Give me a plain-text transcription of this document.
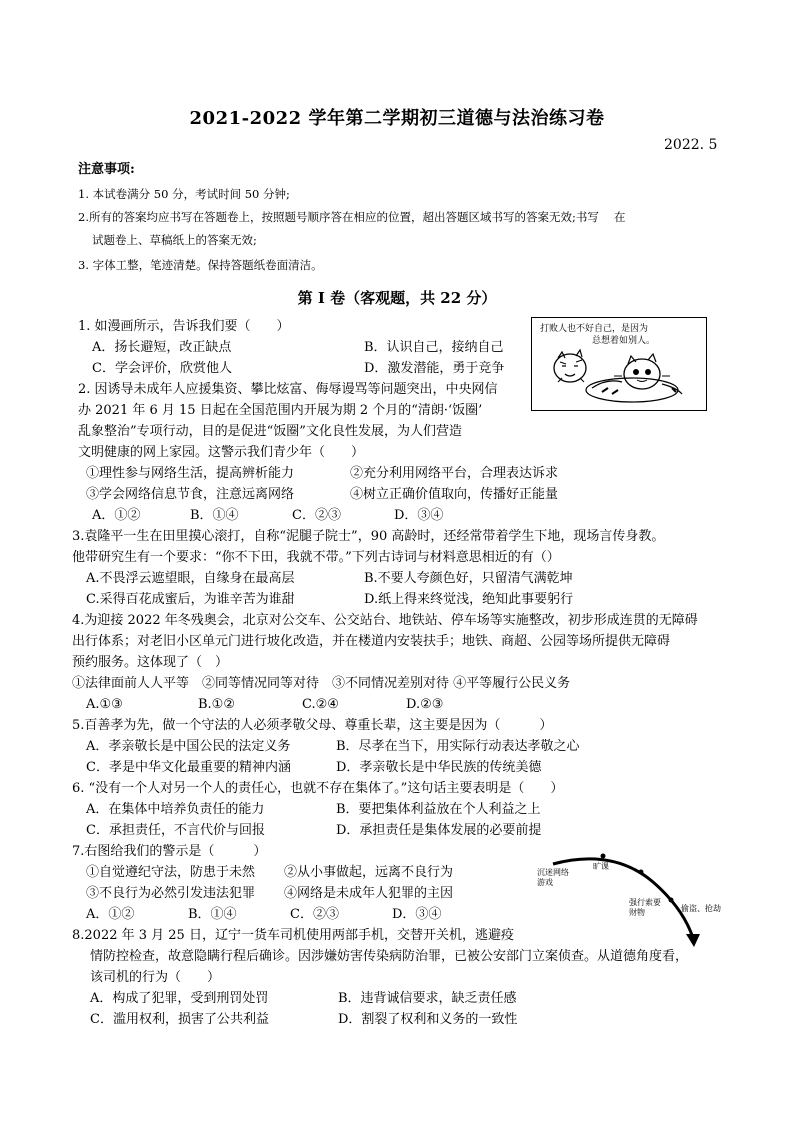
2021-2022 学年第二学期初三道德与法治练习卷
2022. 5
注意事项:
1. 本试卷满分 50 分，考试时间 50 分钟;
2.所有的答案均应书写在答题卷上，按照题号顺序答在相应的位置，超出答题区域书写的答案无效;书写　 在
试题卷上、草稿纸上的答案无效;
3. 字体工整，笔迹清楚。保持答题纸卷面清洁。
第 I 卷（客观题，共 22 分）
打败人也不好自己，是因为
总想着如别人。
1. 如漫画所示，告诉我们要（　　）
A．扬长避短，改正缺点	B．认识自己，接纳自己
C．学会评价，欣赏他人	D．激发潜能，勇于竞争
2. 因诱导未成年人应援集资、攀比炫富、侮辱谩骂等问题突出，中央网信
办 2021 年 6 月 15 日起在全国范围内开展为期 2 个月的“清朗·‘饭圈’
乱象整治”专项行动，目的是促进“饭圈”文化良性发展，为人们营造
文明健康的网上家园。这警示我们青少年（　　）
①理性参与网络生活，提高辨析能力	②充分利用网络平台，合理表达诉求
③学会网络信息节食，注意远离网络	④树立正确价值取向，传播好正能量
A．①②	B．①④	C．②③	D．③④
3.袁隆平一生在田里摸心滚打，自称“泥腿子院士”，90 高龄时，还经常带着学生下地，现场言传身教。
他带研究生有一个要求：“你不下田，我就不带。”下列古诗词与材料意思相近的有（）
A.不畏浮云遮望眼，自缘身在最高层	B.不要人夸颜色好，只留清气满乾坤
C.采得百花成蜜后，为谁辛苦为谁甜	D.纸上得来终觉浅，绝知此事要躬行
4.为迎接 2022 年冬残奥会，北京对公交车、公交站台、地铁站、停车场等实施整改，初步形成连贯的无障碍
出行体系；对老旧小区单元门进行坡化改造，并在楼道内安装扶手；地铁、商超、公园等场所提供无障碍
预约服务。这体现了（　）
①法律面前人人平等　②同等情况同等对待　③不同情况差别对待 ④平等履行公民义务
A.①③	B.①②	C.②④	D.②③
5.百善孝为先，做一个守法的人必须孝敬父母、尊重长辈，这主要是因为（　　　）
A．孝亲敬长是中国公民的法定义务	B．尽孝在当下，用实际行动表达孝敬之心
C．孝是中华文化最重要的精神内涵	D．孝亲敬长是中华民族的传统美德
6. “没有一个人对另一个人的责任心，也就不存在集体了。”这句话主要表明是（　　）
A．在集体中培养负责任的能力	B．要把集体利益放在个人利益之上
C．承担责任，不言代价与回报	D．承担责任是集体发展的必要前提
7.右图给我们的警示是（　　　）
①自觉遵纪守法，防患于未然 ②从小事做起，远离不良行为
③不良行为必然引发违法犯罪 ④网络是未成年人犯罪的主因
A．①②	B．①④	C．②③	D．③④
沉迷网络游戏
旷课
强行索要财物	偷盗、抢劫
8.2022 年 3 月 25 日，辽宁一货车司机使用两部手机，交替开关机，逃避疫
情防控检查，故意隐瞒行程后确诊。因涉嫌妨害传染病防治罪，已被公安部门立案侦查。从道德角度看，
该司机的行为（　　）
A．构成了犯罪，受到刑罚处罚	B．违背诚信要求，缺乏责任感
C．滥用权利，损害了公共利益	D．割裂了权利和义务的一致性
